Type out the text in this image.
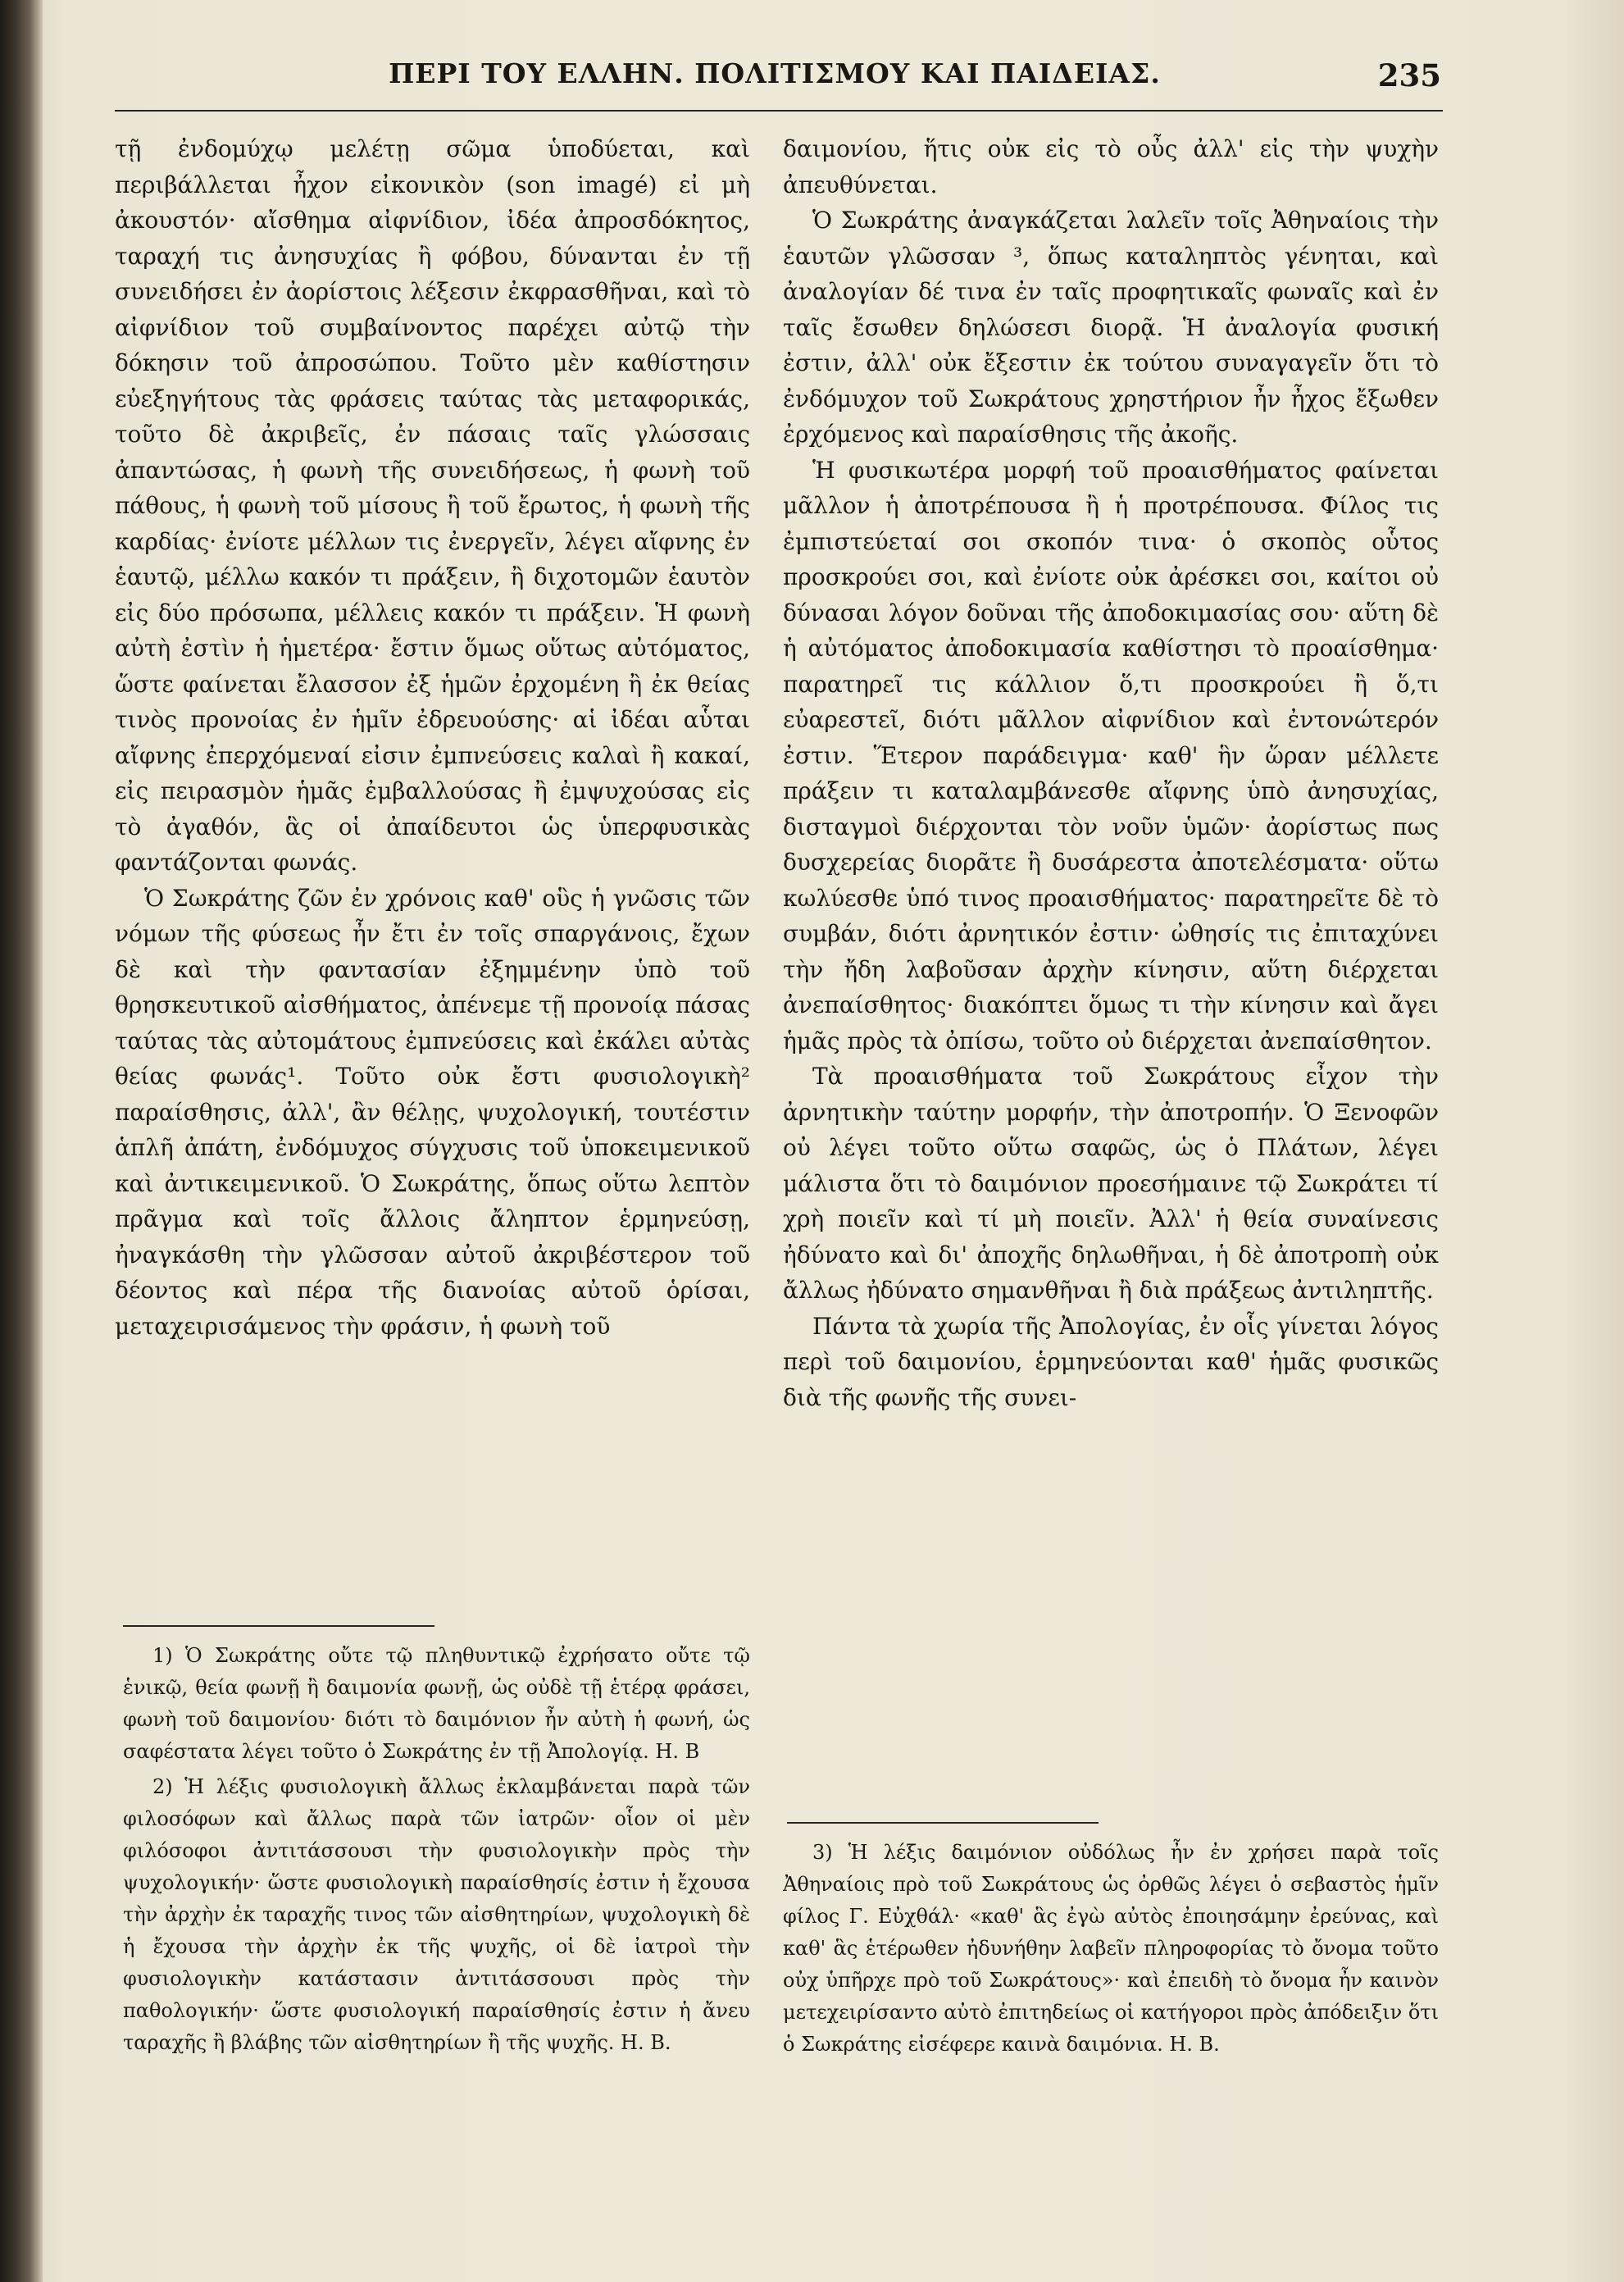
ΠΕΡΙ ΤΟΥ ΕΛΛΗΝ. ΠΟΛΙΤΙΣΜΟΥ ΚΑΙ ΠΑΙΔΕΙΑΣ.	235

τῇ ἐνδομύχῳ μελέτῃ σῶμα ὑποδύεται, καὶ περιβάλλεται ἦχον εἰκονικὸν (son imagé) εἰ μὴ ἀκουστόν· αἴσθημα αἰφνίδιον, ἰδέα ἀπροσδόκητος, ταραχή τις ἀνησυχίας ἢ φόβου, δύνανται ἐν τῇ συνειδήσει ἐν ἀορίστοις λέξεσιν ἐκφρασθῆναι, καὶ τὸ αἰφνίδιον τοῦ συμβαίνοντος παρέχει αὐτῷ τὴν δόκησιν τοῦ ἀπροσώπου. Τοῦτο μὲν καθίστησιν εὐεξηγήτους τὰς φράσεις ταύτας τὰς μεταφορικάς, τοῦτο δὲ ἀκριβεῖς, ἐν πάσαις ταῖς γλώσσαις ἀπαντώσας, ἡ φωνὴ τῆς συνειδήσεως, ἡ φωνὴ τοῦ πάθους, ἡ φωνὴ τοῦ μίσους ἢ τοῦ ἔρωτος, ἡ φωνὴ τῆς καρδίας· ἐνίοτε μέλλων τις ἐνεργεῖν, λέγει αἴφνης ἐν ἑαυτῷ, μέλλω κακόν τι πράξειν, ἢ διχοτομῶν ἑαυτὸν εἰς δύο πρόσωπα, μέλλεις κακόν τι πράξειν. Ἡ φωνὴ αὐτὴ ἐστὶν ἡ ἡμετέρα· ἔστιν ὅμως οὕτως αὐτόματος, ὥστε φαίνεται ἔλασσον ἐξ ἡμῶν ἐρχομένη ἢ ἐκ θείας τινὸς προνοίας ἐν ἡμῖν ἐδρευούσης· αἱ ἰδέαι αὗται αἴφνης ἐπερχόμεναί εἰσιν ἐμπνεύσεις καλαὶ ἢ κακαί, εἰς πειρασμὸν ἡμᾶς ἐμβαλλούσας ἢ ἐμψυχούσας εἰς τὸ ἀγαθόν, ἃς οἱ ἀπαίδευτοι ὡς ὑπερφυσικὰς φαντάζονται φωνάς.

Ὁ Σωκράτης ζῶν ἐν χρόνοις καθ' οὓς ἡ γνῶσις τῶν νόμων τῆς φύσεως ἦν ἔτι ἐν τοῖς σπαργάνοις, ἔχων δὲ καὶ τὴν φαντασίαν ἐξημμένην ὑπὸ τοῦ θρησκευτικοῦ αἰσθήματος, ἀπένεμε τῇ προνοίᾳ πάσας ταύτας τὰς αὐτομάτους ἐμπνεύσεις καὶ ἐκάλει αὐτὰς θείας φωνάς¹. Τοῦτο οὐκ ἔστι φυσιολογικὴ² παραίσθησις, ἀλλ', ἂν θέλῃς, ψυχολογική, τουτέστιν ἁπλῆ ἀπάτη, ἐνδόμυχος σύγχυσις τοῦ ὑποκειμενικοῦ καὶ ἀντικειμενικοῦ. Ὁ Σωκράτης, ὅπως οὕτω λεπτὸν πρᾶγμα καὶ τοῖς ἄλλοις ἄληπτον ἑρμηνεύσῃ, ἠναγκάσθη τὴν γλῶσσαν αὐτοῦ ἀκριβέστερον τοῦ δέοντος καὶ πέρα τῆς διανοίας αὐτοῦ ὁρίσαι, μεταχειρισάμενος τὴν φράσιν, ἡ φωνὴ τοῦ

1) Ὁ Σωκράτης οὔτε τῷ πληθυντικῷ ἐχρήσατο οὔτε τῷ ἑνικῷ, θεία φωνῇ ἢ δαιμονία φωνῇ, ὡς οὐδὲ τῇ ἑτέρᾳ φράσει, φωνὴ τοῦ δαιμονίου· διότι τὸ δαιμόνιον ἦν αὐτὴ ἡ φωνή, ὡς σαφέστατα λέγει τοῦτο ὁ Σωκράτης ἐν τῇ Ἀπολογίᾳ. Η. Β

2) Ἡ λέξις φυσιολογικὴ ἄλλως ἐκλαμβάνεται παρὰ τῶν φιλοσόφων καὶ ἄλλως παρὰ τῶν ἰατρῶν· οἷον οἱ μὲν φιλόσοφοι ἀντιτάσσουσι τὴν φυσιολογικὴν πρὸς τὴν ψυχολογικήν· ὥστε φυσιολογικὴ παραίσθησίς ἐστιν ἡ ἔχουσα τὴν ἀρχὴν ἐκ ταραχῆς τινος τῶν αἰσθητηρίων, ψυχολογικὴ δὲ ἡ ἔχουσα τὴν ἀρχὴν ἐκ τῆς ψυχῆς, οἱ δὲ ἰατροὶ τὴν φυσιολογικὴν κατάστασιν ἀντιτάσσουσι πρὸς τὴν παθολογικήν· ὥστε φυσιολογική παραίσθησίς ἐστιν ἡ ἄνευ ταραχῆς ἢ βλάβης τῶν αἰσθητηρίων ἢ τῆς ψυχῆς. Η. Β.

δαιμονίου, ἥτις οὐκ εἰς τὸ οὖς ἀλλ' εἰς τὴν ψυχὴν ἀπευθύνεται.

Ὁ Σωκράτης ἀναγκάζεται λαλεῖν τοῖς Ἀθηναίοις τὴν ἑαυτῶν γλῶσσαν ³, ὅπως καταληπτὸς γένηται, καὶ ἀναλογίαν δέ τινα ἐν ταῖς προφητικαῖς φωναῖς καὶ ἐν ταῖς ἔσωθεν δηλώσεσι διορᾷ. Ἡ ἀναλογία φυσική ἐστιν, ἀλλ' οὐκ ἔξεστιν ἐκ τούτου συναγαγεῖν ὅτι τὸ ἐνδόμυχον τοῦ Σωκράτους χρηστήριον ἦν ἦχος ἔξωθεν ἐρχόμενος καὶ παραίσθησις τῆς ἀκοῆς.

Ἡ φυσικωτέρα μορφή τοῦ προαισθήματος φαίνεται μᾶλλον ἡ ἀποτρέπουσα ἢ ἡ προτρέπουσα. Φίλος τις ἐμπιστεύεταί σοι σκοπόν τινα· ὁ σκοπὸς οὗτος προσκρούει σοι, καὶ ἐνίοτε οὐκ ἀρέσκει σοι, καίτοι οὐ δύνασαι λόγον δοῦναι τῆς ἀποδοκιμασίας σου· αὕτη δὲ ἡ αὐτόματος ἀποδοκιμασία καθίστησι τὸ προαίσθημα· παρατηρεῖ τις κάλλιον ὅ,τι προσκρούει ἢ ὅ,τι εὐαρεστεῖ, διότι μᾶλλον αἰφνίδιον καὶ ἐντονώτερόν ἐστιν. Ἕτερον παράδειγμα· καθ' ἣν ὥραν μέλλετε πράξειν τι καταλαμβάνεσθε αἴφνης ὑπὸ ἀνησυχίας, δισταγμοὶ διέρχονται τὸν νοῦν ὑμῶν· ἀορίστως πως δυσχερείας διορᾶτε ἢ δυσάρεστα ἀποτελέσματα· οὕτω κωλύεσθε ὑπό τινος προαισθήματος· παρατηρεῖτε δὲ τὸ συμβάν, διότι ἀρνητικόν ἐστιν· ὠθησίς τις ἐπιταχύνει τὴν ἤδη λαβοῦσαν ἀρχὴν κίνησιν, αὕτη διέρχεται ἀνεπαίσθητος· διακόπτει ὅμως τι τὴν κίνησιν καὶ ἄγει ἡμᾶς πρὸς τὰ ὀπίσω, τοῦτο οὐ διέρχεται ἀνεπαίσθητον.

Τὰ προαισθήματα τοῦ Σωκράτους εἶχον τὴν ἀρνητικὴν ταύτην μορφήν, τὴν ἀποτροπήν. Ὁ Ξενοφῶν οὐ λέγει τοῦτο οὕτω σαφῶς, ὡς ὁ Πλάτων, λέγει μάλιστα ὅτι τὸ δαιμόνιον προεσήμαινε τῷ Σωκράτει τί χρὴ ποιεῖν καὶ τί μὴ ποιεῖν. Ἀλλ' ἡ θεία συναίνεσις ἠδύνατο καὶ δι' ἀποχῆς δηλωθῆναι, ἡ δὲ ἀποτροπὴ οὐκ ἄλλως ἠδύνατο σημανθῆναι ἢ διὰ πράξεως ἀντιληπτῆς.

Πάντα τὰ χωρία τῆς Ἀπολογίας, ἐν οἷς γίνεται λόγος περὶ τοῦ δαιμονίου, ἑρμηνεύονται καθ' ἡμᾶς φυσικῶς διὰ τῆς φωνῆς τῆς συνει-

3) Ἡ λέξις δαιμόνιον οὐδόλως ἦν ἐν χρήσει παρὰ τοῖς Ἀθηναίοις πρὸ τοῦ Σωκράτους ὡς ὀρθῶς λέγει ὁ σεβαστὸς ἡμῖν φίλος Γ. Εὐχθάλ· «καθ' ἃς ἐγὼ αὐτὸς ἐποιησάμην ἐρεύνας, καὶ καθ' ἃς ἑτέρωθεν ἠδυνήθην λαβεῖν πληροφορίας τὸ ὄνομα τοῦτο οὐχ ὑπῆρχε πρὸ τοῦ Σωκράτους»· καὶ ἐπειδὴ τὸ ὄνομα ἦν καινὸν μετεχειρίσαντο αὐτὸ ἐπιτηδείως οἱ κατήγοροι πρὸς ἀπόδειξιν ὅτι ὁ Σωκράτης εἰσέφερε καινὰ δαιμόνια. Η. Β.
